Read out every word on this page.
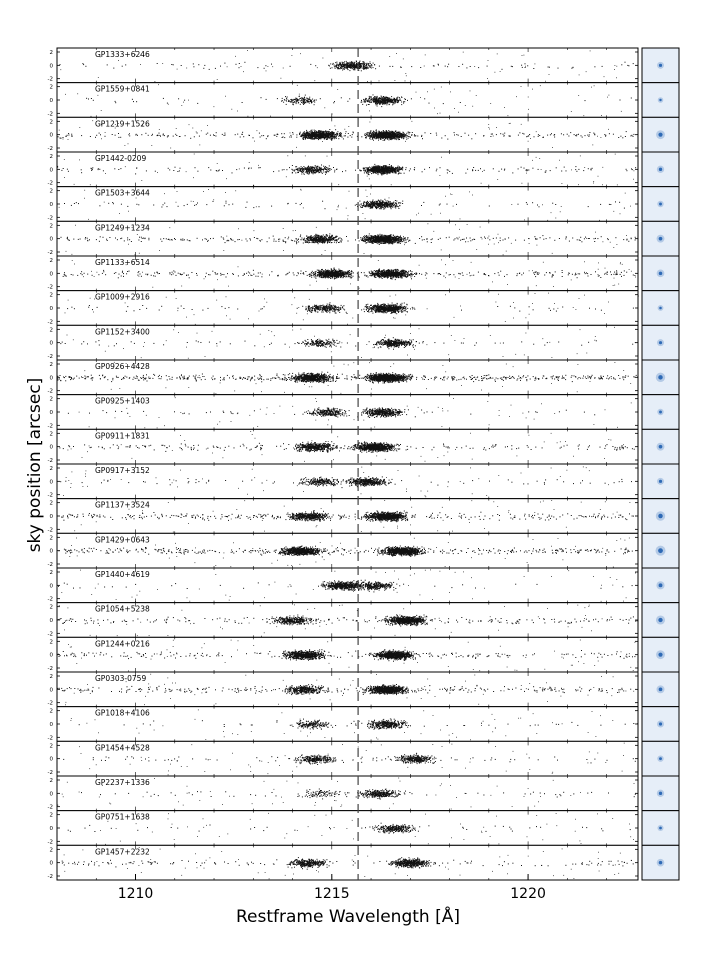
-2
0
2	GP1333+6246
-2
0
2	GP1559+0841
-2
0
2	GP1219+1526
-2
0
2	GP1442-0209
-2
0
2	GP1503+3644
-2
0
2	GP1249+1234
-2
0
2	GP1133+6514
-2
0
2	GP1009+2916
-2
0
2	GP1152+3400
-2
0
2	GP0926+4428
-2
0
2	GP0925+1403
-2
0
2	GP0911+1831
-2
0
2	GP0917+3152
-2
0
2	GP1137+3524
-2
0
2	GP1429+0643
-2
0
2	GP1440+4619
-2
0
2	GP1054+5238
-2
0
2	GP1244+0216
-2
0
2	GP0303-0759
-2
0
2	GP1018+4106
-2
0
2	GP1454+4528
-2
0
2	GP2237+1336
-2
0
2	GP0751+1638
-2
0
2	GP1457+2232
1210	1215	1220
Restframe Wavelength [Å]
sky position [arcsec]
